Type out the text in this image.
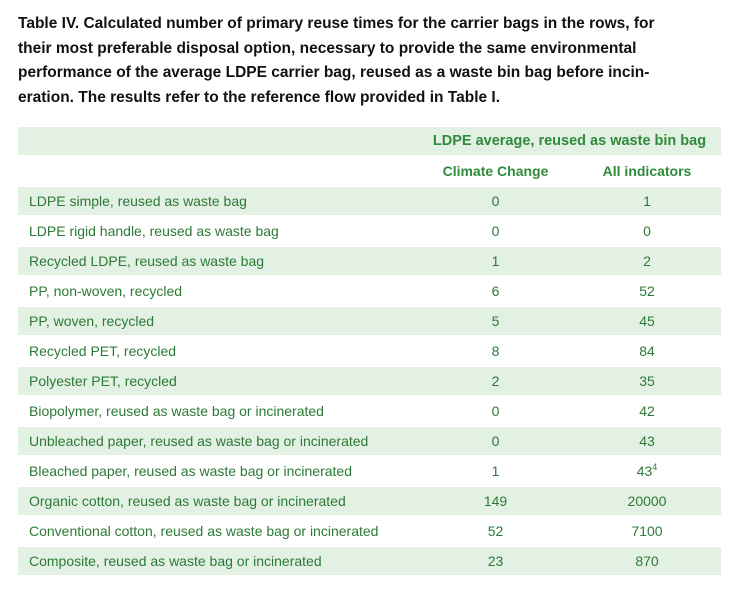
Table IV. Calculated number of primary reuse times for the carrier bags in the rows, for
their most preferable disposal option, necessary to provide the same environmental
performance of the average LDPE carrier bag, reused as a waste bin bag before incin-
eration. The results refer to the reference flow provided in Table I.
	LDPE average, reused as waste bin bag	
	Climate Change	All indicators
LDPE simple, reused as waste bag	0	1
LDPE rigid handle, reused as waste bag	0	0
Recycled LDPE, reused as waste bag	1	2
PP, non-woven, recycled	6	52
PP, woven, recycled	5	45
Recycled PET, recycled	8	84
Polyester PET, recycled	2	35
Biopolymer, reused as waste bag or incinerated	0	42
Unbleached paper, reused as waste bag or incinerated	0	43
Bleached paper, reused as waste bag or incinerated	1	$43^4$
Organic cotton, reused as waste bag or incinerated	149	20000
Conventional cotton, reused as waste bag or incinerated	52	7100
Composite, reused as waste bag or incinerated	23	870
